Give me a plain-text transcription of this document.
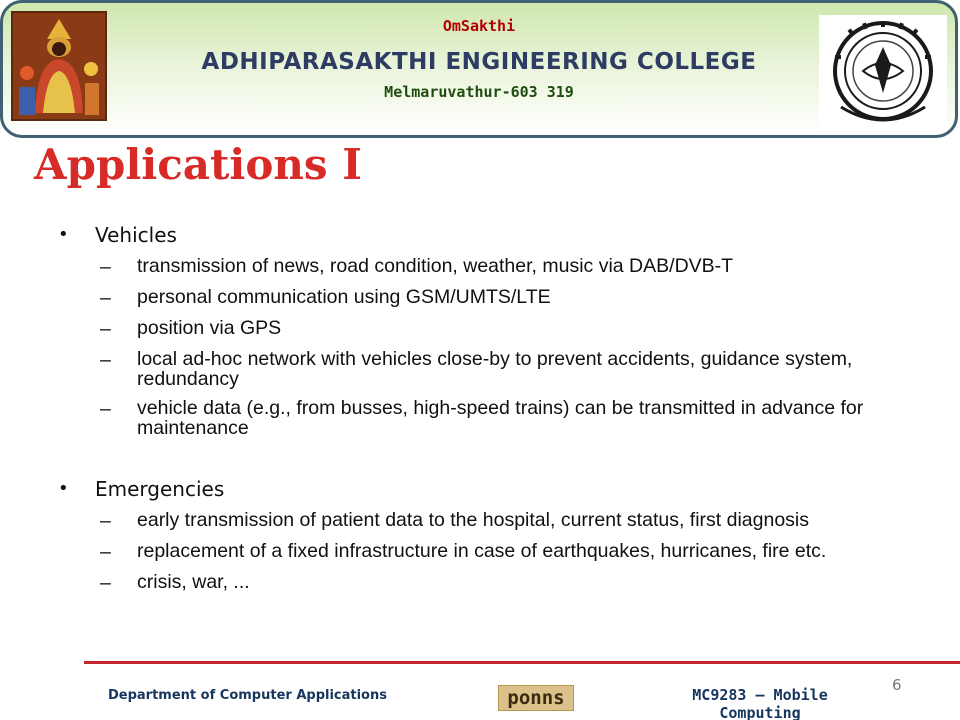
OmSakthi
ADHIPARASAKTHI ENGINEERING COLLEGE
Melmaruvathur-603 319
Applications I
•	Vehicles
–	transmission of news, road condition, weather, music via DAB/DVB-T
–	personal communication using GSM/UMTS/LTE
–	position via GPS
–	local ad-hoc network with vehicles close-by to prevent accidents, guidance system, redundancy
–	vehicle data (e.g., from busses, high-speed trains) can be transmitted in advance for maintenance
•	Emergencies
–	early transmission of patient data to the hospital, current status, first diagnosis
–	replacement of a fixed infrastructure in case of earthquakes, hurricanes, fire etc.
–	crisis, war, ...
6
Department of Computer Applications	ponns	MC9283 – Mobile Computing
